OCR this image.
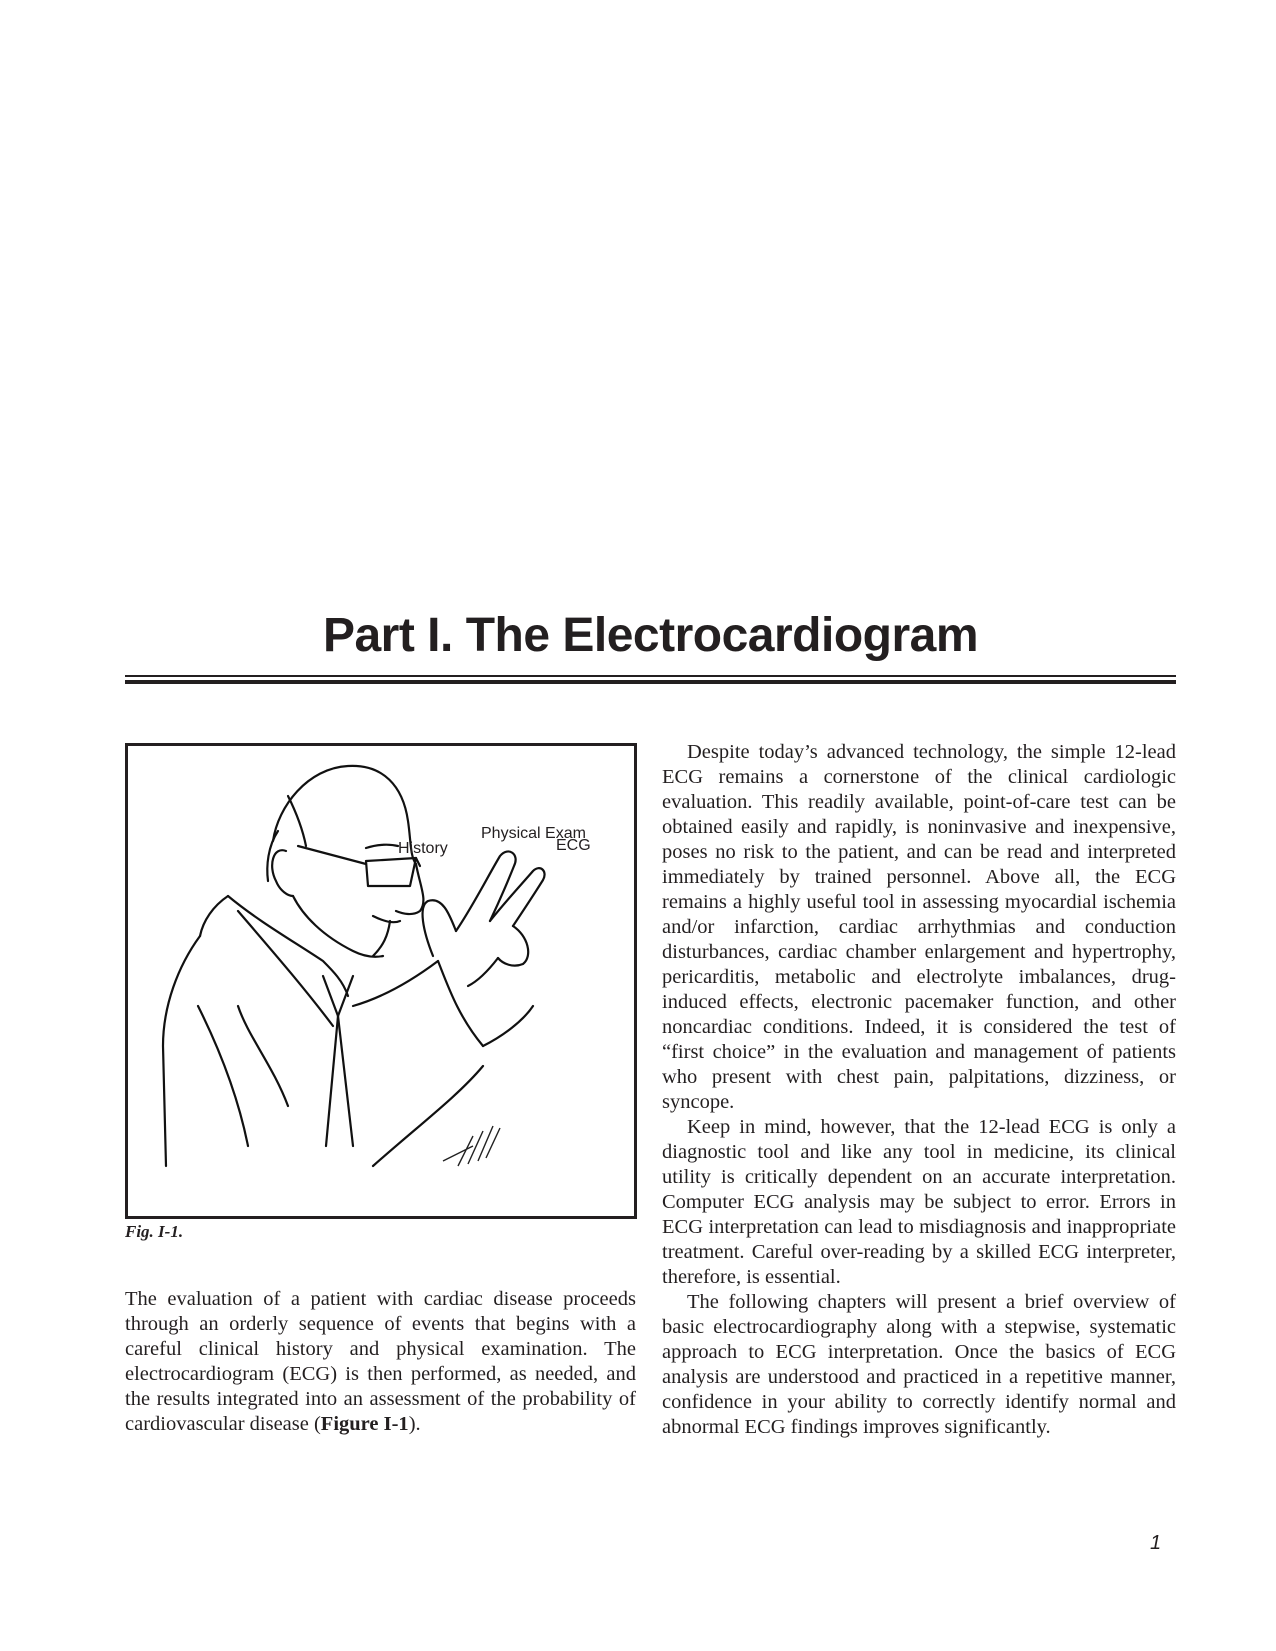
Part I. The Electrocardiogram
Physical Exam
History	ECG
Fig. I-1.

The evaluation of a patient with cardiac disease proceeds through an orderly sequence of events that begins with a careful clinical history and physical examination. The electrocardiogram (ECG) is then performed, as needed, and the results integrated into an assessment of the probability of cardiovascular disease (Figure I-1).

Despite today’s advanced technology, the simple 12-lead ECG remains a cornerstone of the clinical cardiologic evaluation. This readily available, point-of-care test can be obtained easily and rapidly, is noninvasive and inexpensive, poses no risk to the patient, and can be read and interpreted immediately by trained personnel. Above all, the ECG remains a highly useful tool in assessing myocardial ischemia and/or infarction, cardiac arrhythmias and conduction disturbances, cardiac chamber enlargement and hypertrophy, pericarditis, metabolic and electrolyte imbalances, drug-induced effects, electronic pacemaker function, and other noncardiac conditions. Indeed, it is considered the test of “first choice” in the evaluation and management of patients who present with chest pain, palpitations, dizziness, or syncope.

Keep in mind, however, that the 12-lead ECG is only a diagnostic tool and like any tool in medicine, its clinical utility is critically dependent on an accurate interpretation. Computer ECG analysis may be subject to error. Errors in ECG interpretation can lead to misdiagnosis and inappropriate treatment. Careful over-reading by a skilled ECG interpreter, therefore, is essential.

The following chapters will present a brief overview of basic electrocardiography along with a stepwise, systematic approach to ECG interpretation. Once the basics of ECG analysis are understood and practiced in a repetitive manner, confidence in your ability to correctly identify normal and abnormal ECG findings improves significantly.

1
